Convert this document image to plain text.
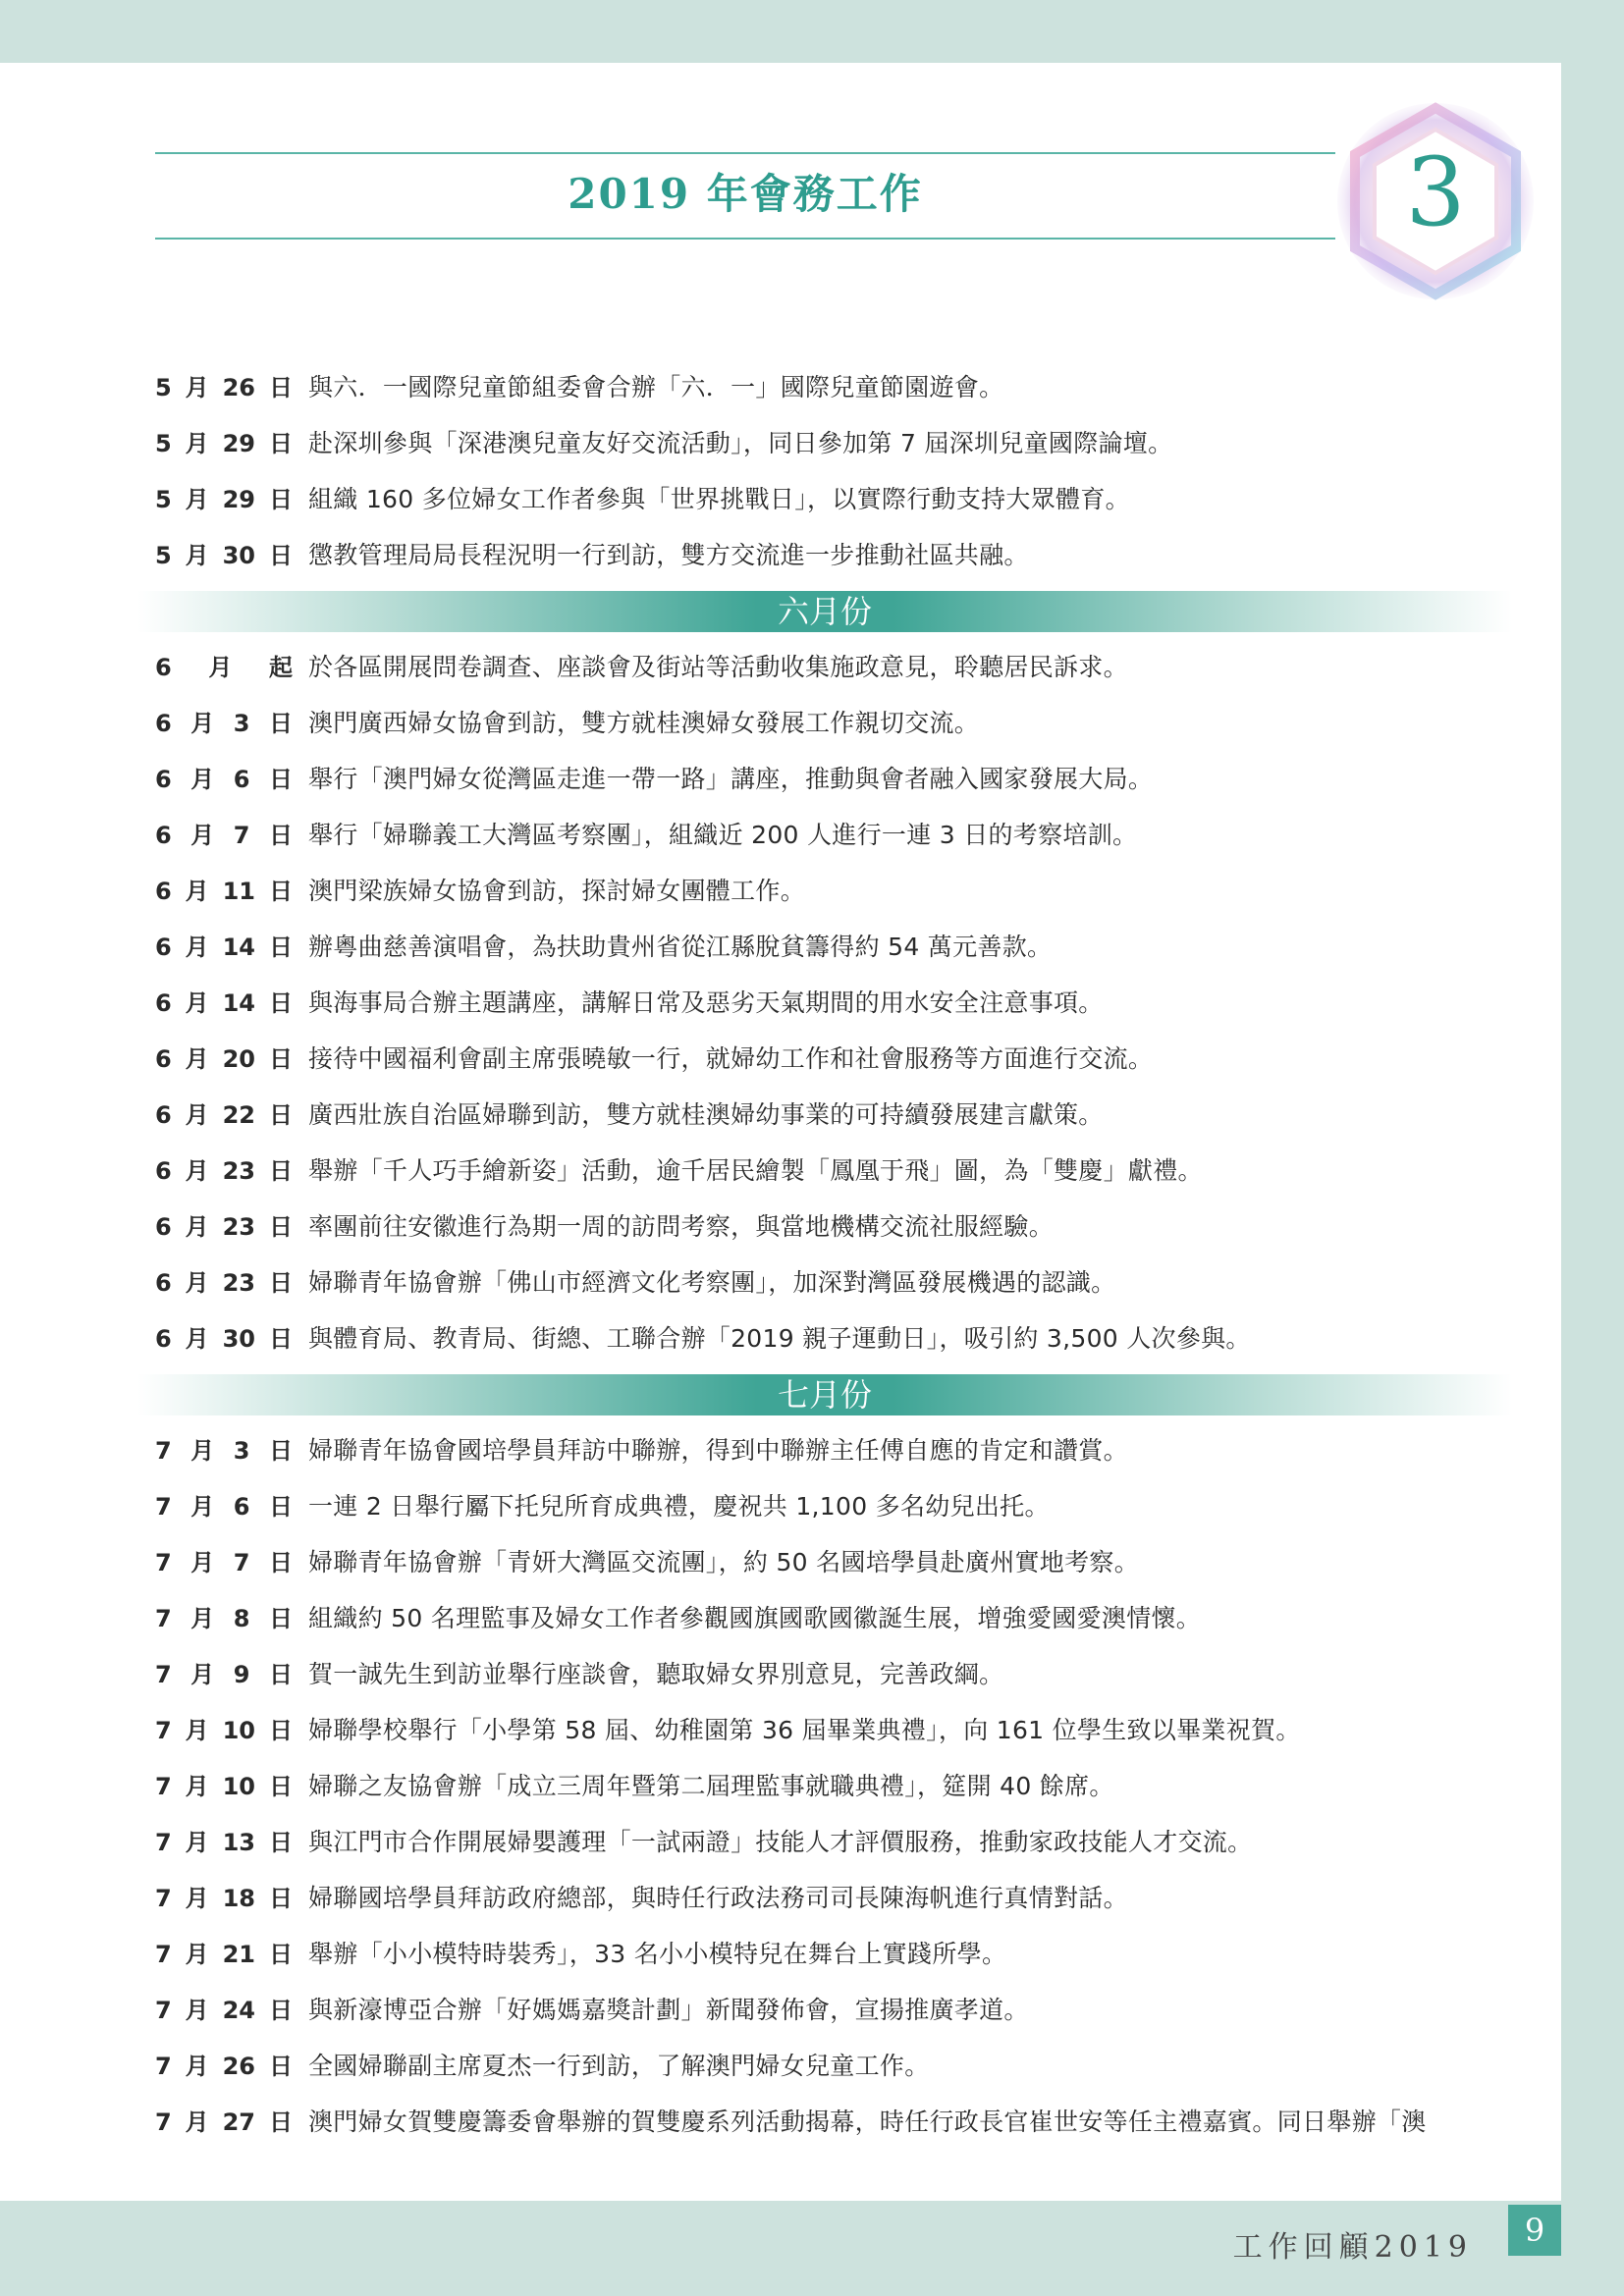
2019 年會務工作	3
5 月 26 日 與六．一國際兒童節組委會合辦「六．一」國際兒童節園遊會。
5 月 29 日 赴深圳參與「深港澳兒童友好交流活動」，同日參加第 7 屆深圳兒童國際論壇。
5 月 29 日 組織 160 多位婦女工作者參與「世界挑戰日」，以實際行動支持大眾體育。
5 月 30 日 懲教管理局局長程況明一行到訪，雙方交流進一步推動社區共融。
六月份
6 月 起 於各區開展問卷調查、座談會及街站等活動收集施政意見，聆聽居民訴求。
6 月 3 日 澳門廣西婦女協會到訪，雙方就桂澳婦女發展工作親切交流。
6 月 6 日 舉行「澳門婦女從灣區走進一帶一路」講座，推動與會者融入國家發展大局。
6 月 7 日 舉行「婦聯義工大灣區考察團」，組織近 200 人進行一連 3 日的考察培訓。
6 月 11 日 澳門梁族婦女協會到訪，探討婦女團體工作。
6 月 14 日 辦粵曲慈善演唱會，為扶助貴州省從江縣脫貧籌得約 54 萬元善款。
6 月 14 日 與海事局合辦主題講座，講解日常及惡劣天氣期間的用水安全注意事項。
6 月 20 日 接待中國福利會副主席張曉敏一行，就婦幼工作和社會服務等方面進行交流。
6 月 22 日 廣西壯族自治區婦聯到訪，雙方就桂澳婦幼事業的可持續發展建言獻策。
6 月 23 日 舉辦「千人巧手繪新姿」活動，逾千居民繪製「鳳凰于飛」圖，為「雙慶」獻禮。
6 月 23 日 率團前往安徽進行為期一周的訪問考察，與當地機構交流社服經驗。
6 月 23 日 婦聯青年協會辦「佛山市經濟文化考察團」，加深對灣區發展機遇的認識。
6 月 30 日 與體育局、教青局、街總、工聯合辦「2019 親子運動日」，吸引約 3,500 人次參與。
七月份
7 月 3 日 婦聯青年協會國培學員拜訪中聯辦，得到中聯辦主任傅自應的肯定和讚賞。
7 月 6 日 一連 2 日舉行屬下托兒所育成典禮，慶祝共 1,100 多名幼兒出托。
7 月 7 日 婦聯青年協會辦「青妍大灣區交流團」，約 50 名國培學員赴廣州實地考察。
7 月 8 日 組織約 50 名理監事及婦女工作者參觀國旗國歌國徽誕生展，增強愛國愛澳情懷。
7 月 9 日 賀一誠先生到訪並舉行座談會，聽取婦女界別意見，完善政綱。
7 月 10 日 婦聯學校舉行「小學第 58 屆、幼稚園第 36 屆畢業典禮」，向 161 位學生致以畢業祝賀。
7 月 10 日 婦聯之友協會辦「成立三周年暨第二屆理監事就職典禮」，筵開 40 餘席。
7 月 13 日 與江門市合作開展婦嬰護理「一試兩證」技能人才評價服務，推動家政技能人才交流。
7 月 18 日 婦聯國培學員拜訪政府總部，與時任行政法務司司長陳海帆進行真情對話。
7 月 21 日 舉辦「小小模特時裝秀」，33 名小小模特兒在舞台上實踐所學。
7 月 24 日 與新濠博亞合辦「好媽媽嘉獎計劃」新聞發佈會，宣揚推廣孝道。
7 月 26 日 全國婦聯副主席夏杰一行到訪，了解澳門婦女兒童工作。
7 月 27 日 澳門婦女賀雙慶籌委會舉辦的賀雙慶系列活動揭幕，時任行政長官崔世安等任主禮嘉賓。同日舉辦「澳
工作回顧2019	9
